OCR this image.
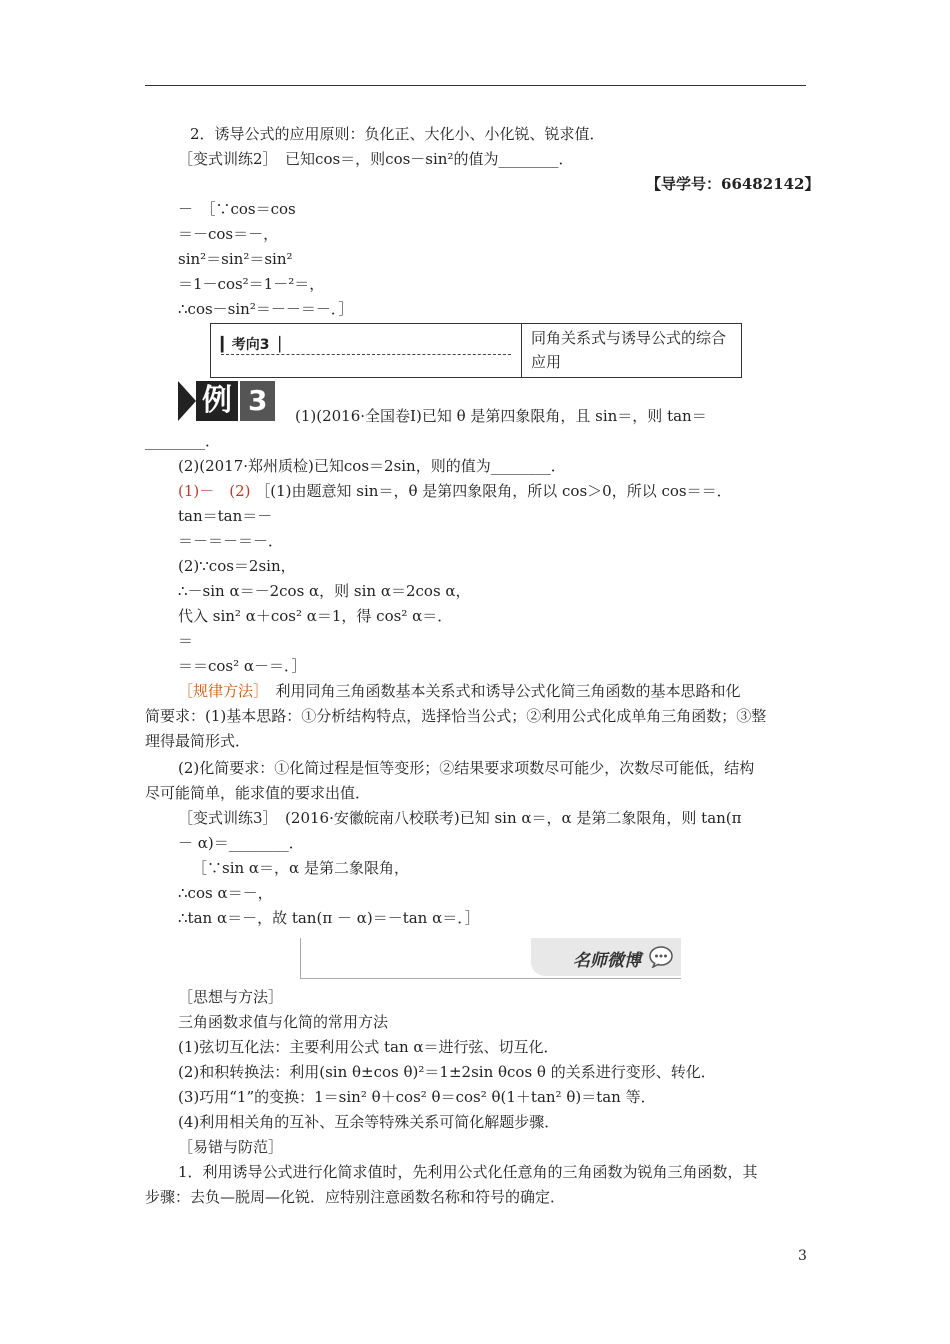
2．诱导公式的应用原则：负化正、大化小、小化锐、锐求值．
［变式训练2］　已知cos＝，则cos－sin²的值为________．
【导学号：66482142】
－　［∵cos＝cos
＝－cos＝－，
sin²＝sin²＝sin²
＝1－cos²＝1－²＝，
∴cos－sin²＝－－＝－．］
(1)(2016·全国卷Ⅰ)已知 θ 是第四象限角，且 sin＝，则 tan＝
________．
(2)(2017·郑州质检)已知cos＝2sin，则的值为________．
tan＝tan＝－
＝－＝－＝－．
(2)∵cos＝2sin，
∴－sin α＝－2cos α，则 sin α＝2cos α，
代入 sin² α＋cos² α＝1，得 cos² α＝．
＝
＝＝cos² α－＝．］
简要求：(1)基本思路：①分析结构特点，选择恰当公式；②利用公式化成单角三角函数；③整
理得最简形式．
(2)化简要求：①化简过程是恒等变形；②结果要求项数尽可能少，次数尽可能低，结构
尽可能简单，能求值的要求出值．
［变式训练3］　(2016·安徽皖南八校联考)已知 sin α＝，α 是第二象限角，则 tan(π
－ α)＝________．
［∵sin α＝，α 是第二象限角，
∴cos α＝－，
∴tan α＝－，故 tan(π － α)＝－tan α＝．］
［思想与方法］
三角函数求值与化简的常用方法
(1)弦切互化法：主要利用公式 tan α＝进行弦、切互化．
(2)和积转换法：利用(sin θ±cos θ)²＝1±2sin θcos θ 的关系进行变形、转化．
(3)巧用“1”的变换：1＝sin² θ＋cos² θ＝cos² θ(1＋tan² θ)＝tan 等．
(4)利用相关角的互补、互余等特殊关系可简化解题步骤．
［易错与防范］
1．利用诱导公式进行化简求值时，先利用公式化任意角的三角函数为锐角三角函数，其
步骤：去负—脱周—化锐．应特别注意函数名称和符号的确定．
(1)－　(2) ［(1)由题意知 sin＝，θ 是第四象限角，所以 cos＞0，所以 cos＝＝．
［规律方法］　利用同角三角函数基本关系式和诱导公式化简三角函数的基本思路和化
▎考向3▕	同角关系式与诱导公式的综合应用
例 3
名师微博
3
